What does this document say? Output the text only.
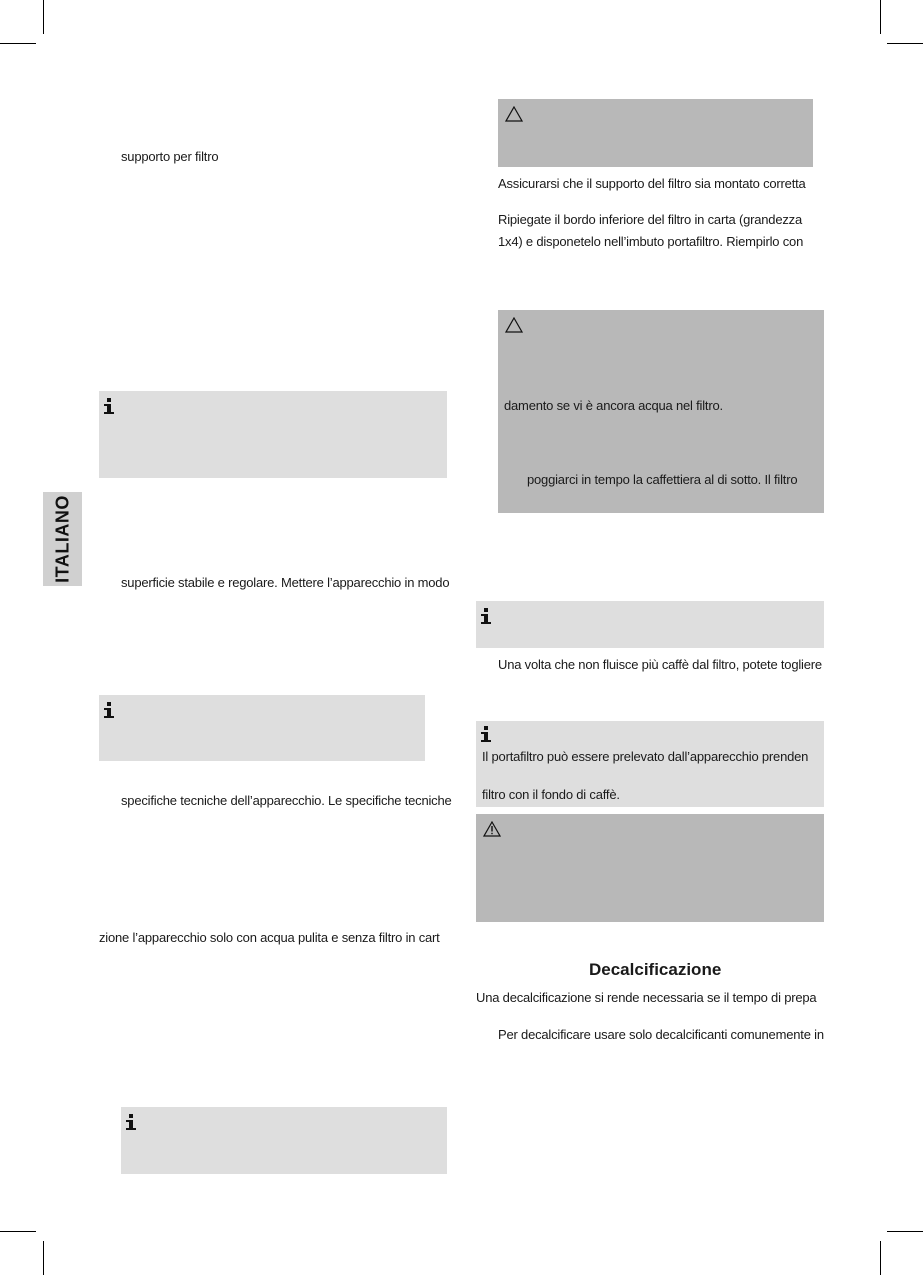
ITALIANO
supporto per filtro
superficie stabile e regolare. Mettere l’apparecchio in modo
specifiche tecniche dell’apparecchio. Le specifiche tecniche
zione l’apparecchio solo con acqua pulita e senza filtro in cart
Assicurarsi che il supporto del filtro sia montato corretta
Ripiegate il bordo inferiore del filtro in carta (grandezza
1x4) e disponetelo nell’imbuto portafiltro. Riempirlo con
damento se vi è ancora acqua nel filtro.
poggiarci in tempo la caffettiera al di sotto. Il filtro
Una volta che non fluisce più caffè dal filtro, potete togliere
Il portafiltro può essere prelevato dall’apparecchio prenden
filtro con il fondo di caffè.
Decalcificazione
Una decalcificazione si rende necessaria se il tempo di prepa
Per decalcificare usare solo decalcificanti comunemente in
